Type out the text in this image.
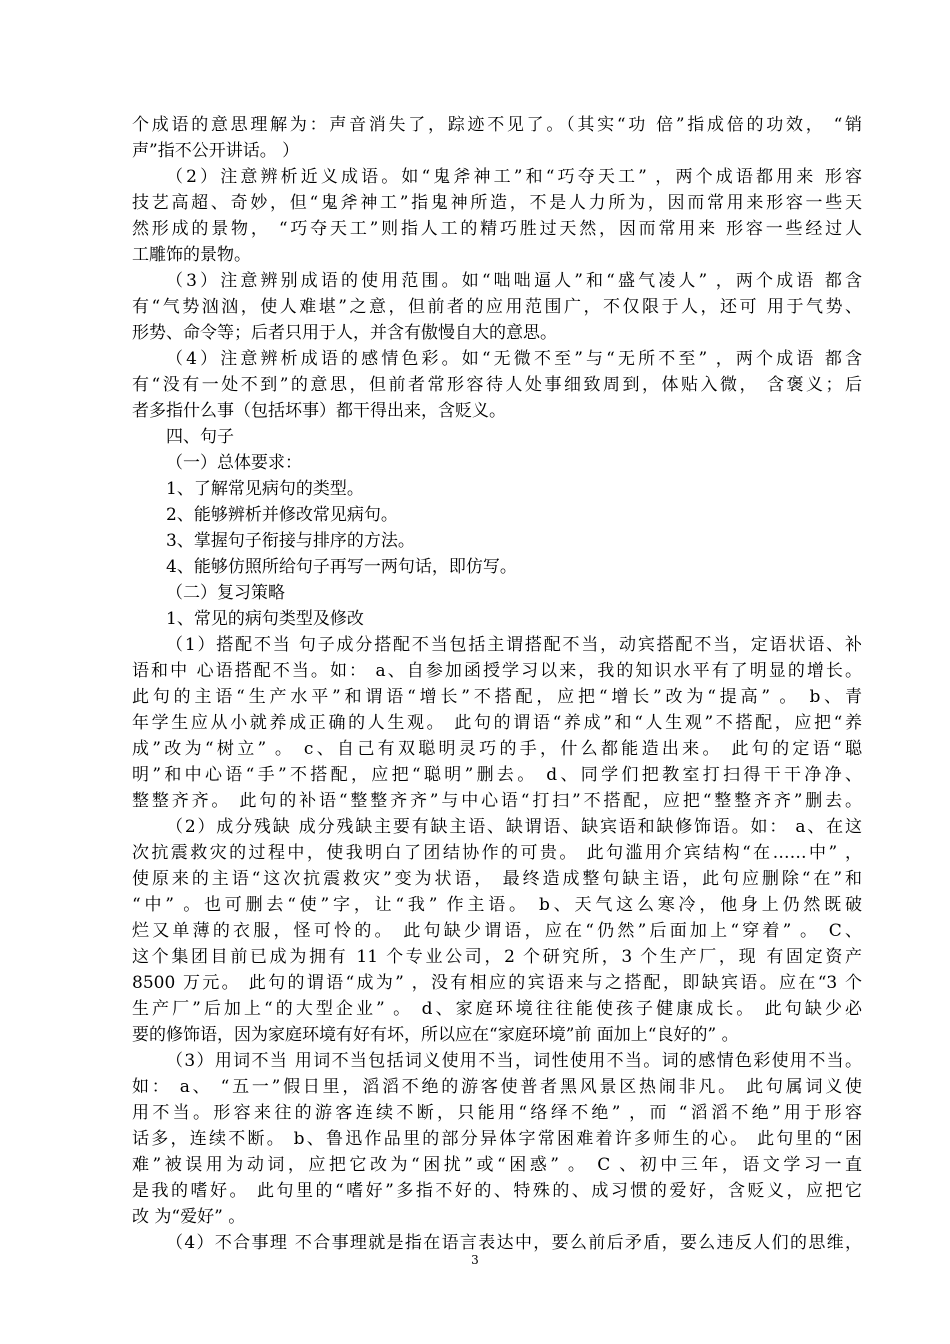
个成语的意思理解为：声音消失了，踪迹不见了。（其实“功 倍”指成倍的功效， “销
声”指不公开讲话。 ）
（2）注意辨析近义成语。如“鬼斧神工”和“巧夺天工” ，两个成语都用来 形容
技艺高超、奇妙，但“鬼斧神工”指鬼神所造，不是人力所为，因而常用来形容一些天
然形成的景物， “巧夺天工”则指人工的精巧胜过天然，因而常用来 形容一些经过人
工雕饰的景物。
（3）注意辨别成语的使用范围。如“咄咄逼人”和“盛气凌人” ，两个成语 都含
有“气势汹汹，使人难堪”之意，但前者的应用范围广，不仅限于人，还可 用于气势、
形势、命令等；后者只用于人，并含有傲慢自大的意思。
（4）注意辨析成语的感情色彩。如“无微不至”与“无所不至” ，两个成语 都含
有“没有一处不到”的意思，但前者常形容待人处事细致周到，体贴入微， 含褒义；后
者多指什么事（包括坏事）都干得出来，含贬义。
四、句子
（一）总体要求：
1、了解常见病句的类型。
2、能够辨析并修改常见病句。
3、掌握句子衔接与排序的方法。
4、能够仿照所给句子再写一两句话，即仿写。
（二）复习策略
1、常见的病句类型及修改
（1）搭配不当 句子成分搭配不当包括主谓搭配不当，动宾搭配不当，定语状语、补
语和中 心语搭配不当。如： a、自参加函授学习以来，我的知识水平有了明显的增长。
此句的主语“生产水平”和谓语“增长”不搭配，应把“增长”改为“提高” 。 b、青
年学生应从小就养成正确的人生观。 此句的谓语“养成”和“人生观”不搭配，应把“养
成”改为“树立” 。 c、自己有双聪明灵巧的手，什么都能造出来。 此句的定语“聪
明”和中心语“手”不搭配，应把“聪明”删去。 d、同学们把教室打扫得干干净净、
整整齐齐。 此句的补语“整整齐齐”与中心语“打扫”不搭配，应把“整整齐齐”删去。
（2）成分残缺 成分残缺主要有缺主语、缺谓语、缺宾语和缺修饰语。如： a、在这
次抗震救灾的过程中，使我明白了团结协作的可贵。 此句滥用介宾结构“在……中” ，
使原来的主语“这次抗震救灾”变为状语， 最终造成整句缺主语，此句应删除“在”和
“中” 。也可删去“使”字，让“我” 作主语。 b、天气这么寒冷，他身上仍然既破
烂又单薄的衣服，怪可怜的。 此句缺少谓语，应在“仍然”后面加上“穿着” 。 C、
这个集团目前已成为拥有 11 个专业公司，2 个研究所，3 个生产厂，现 有固定资产
8500 万元。 此句的谓语“成为” ，没有相应的宾语来与之搭配，即缺宾语。应在“3 个
生产厂”后加上“的大型企业” 。 d、家庭环境往往能使孩子健康成长。 此句缺少必
要的修饰语，因为家庭环境有好有坏，所以应在“家庭环境”前 面加上“良好的” 。
（3）用词不当 用词不当包括词义使用不当，词性使用不当。词的感情色彩使用不当。
如： a、 “五一”假日里，滔滔不绝的游客使普者黑风景区热闹非凡。 此句属词义使
用不当。形容来往的游客连续不断，只能用“络绎不绝” ，而 “滔滔不绝”用于形容
话多，连续不断。 b、鲁迅作品里的部分异体字常困难着许多师生的心。 此句里的“困
难”被误用为动词，应把它改为“困扰”或“困惑” 。 C 、初中三年，语文学习一直
是我的嗜好。 此句里的“嗜好”多指不好的、特殊的、成习惯的爱好，含贬义，应把它
改 为“爱好” 。
（4）不合事理 不合事理就是指在语言表达中，要么前后矛盾，要么违反人们的思维，
3
